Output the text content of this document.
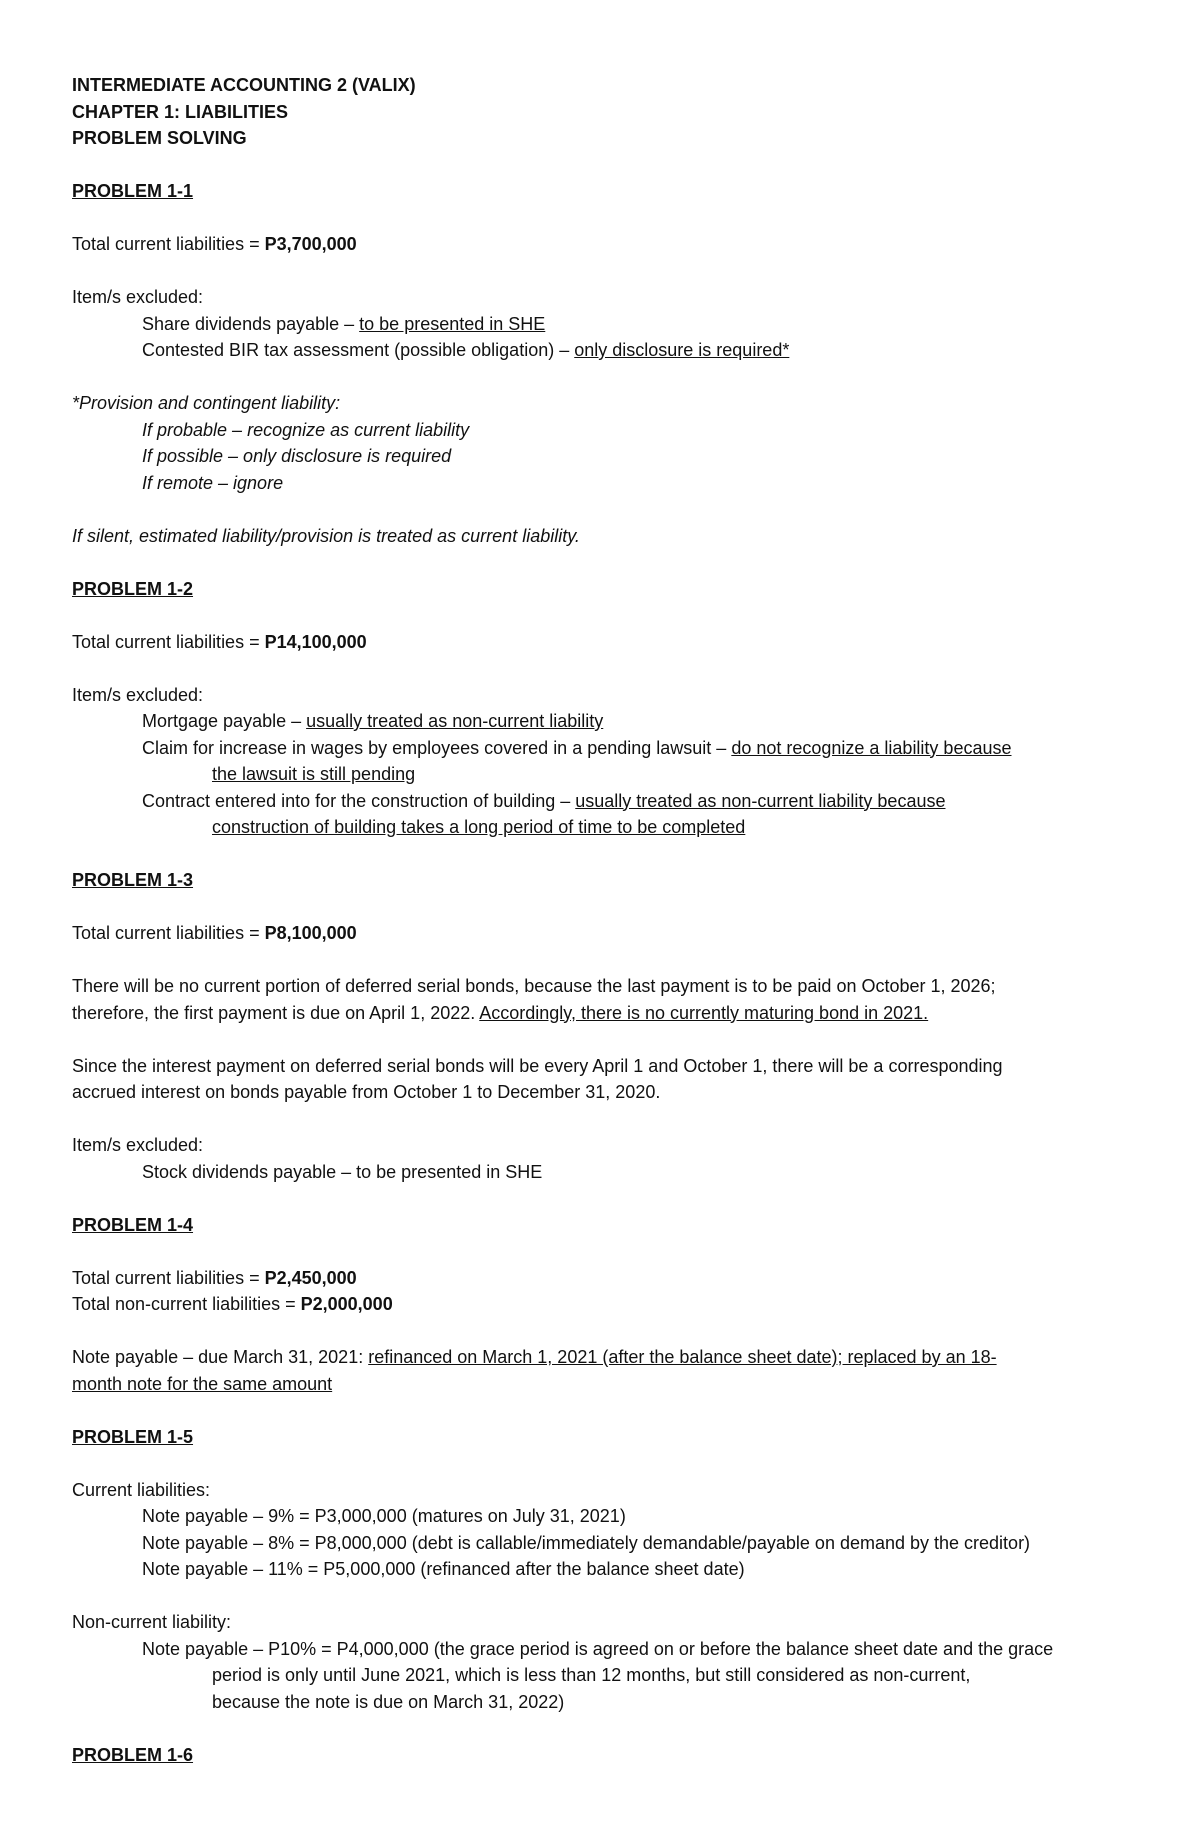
INTERMEDIATE ACCOUNTING 2 (VALIX)
CHAPTER 1: LIABILITIES
PROBLEM SOLVING
PROBLEM 1-1
Total current liabilities = P3,700,000
Item/s excluded:
Share dividends payable – to be presented in SHE
Contested BIR tax assessment (possible obligation) – only disclosure is required*
*Provision and contingent liability:
If probable – recognize as current liability
If possible – only disclosure is required
If remote – ignore
If silent, estimated liability/provision is treated as current liability.
PROBLEM 1-2
Total current liabilities = P14,100,000
Item/s excluded:
Mortgage payable – usually treated as non-current liability
Claim for increase in wages by employees covered in a pending lawsuit – do not recognize a liability because
the lawsuit is still pending
Contract entered into for the construction of building – usually treated as non-current liability because
construction of building takes a long period of time to be completed
PROBLEM 1-3
Total current liabilities = P8,100,000
There will be no current portion of deferred serial bonds, because the last payment is to be paid on October 1, 2026;
therefore, the first payment is due on April 1, 2022. Accordingly, there is no currently maturing bond in 2021.
Since the interest payment on deferred serial bonds will be every April 1 and October 1, there will be a corresponding
accrued interest on bonds payable from October 1 to December 31, 2020.
Item/s excluded:
Stock dividends payable – to be presented in SHE
PROBLEM 1-4
Total current liabilities = P2,450,000
Total non-current liabilities = P2,000,000
Note payable – due March 31, 2021: refinanced on March 1, 2021 (after the balance sheet date); replaced by an 18-
month note for the same amount
PROBLEM 1-5
Current liabilities:
Note payable – 9% = P3,000,000 (matures on July 31, 2021)
Note payable – 8% = P8,000,000 (debt is callable/immediately demandable/payable on demand by the creditor)
Note payable – 11% = P5,000,000 (refinanced after the balance sheet date)
Non-current liability:
Note payable – P10% = P4,000,000 (the grace period is agreed on or before the balance sheet date and the grace
period is only until June 2021, which is less than 12 months, but still considered as non-current,
because the note is due on March 31, 2022)
PROBLEM 1-6
